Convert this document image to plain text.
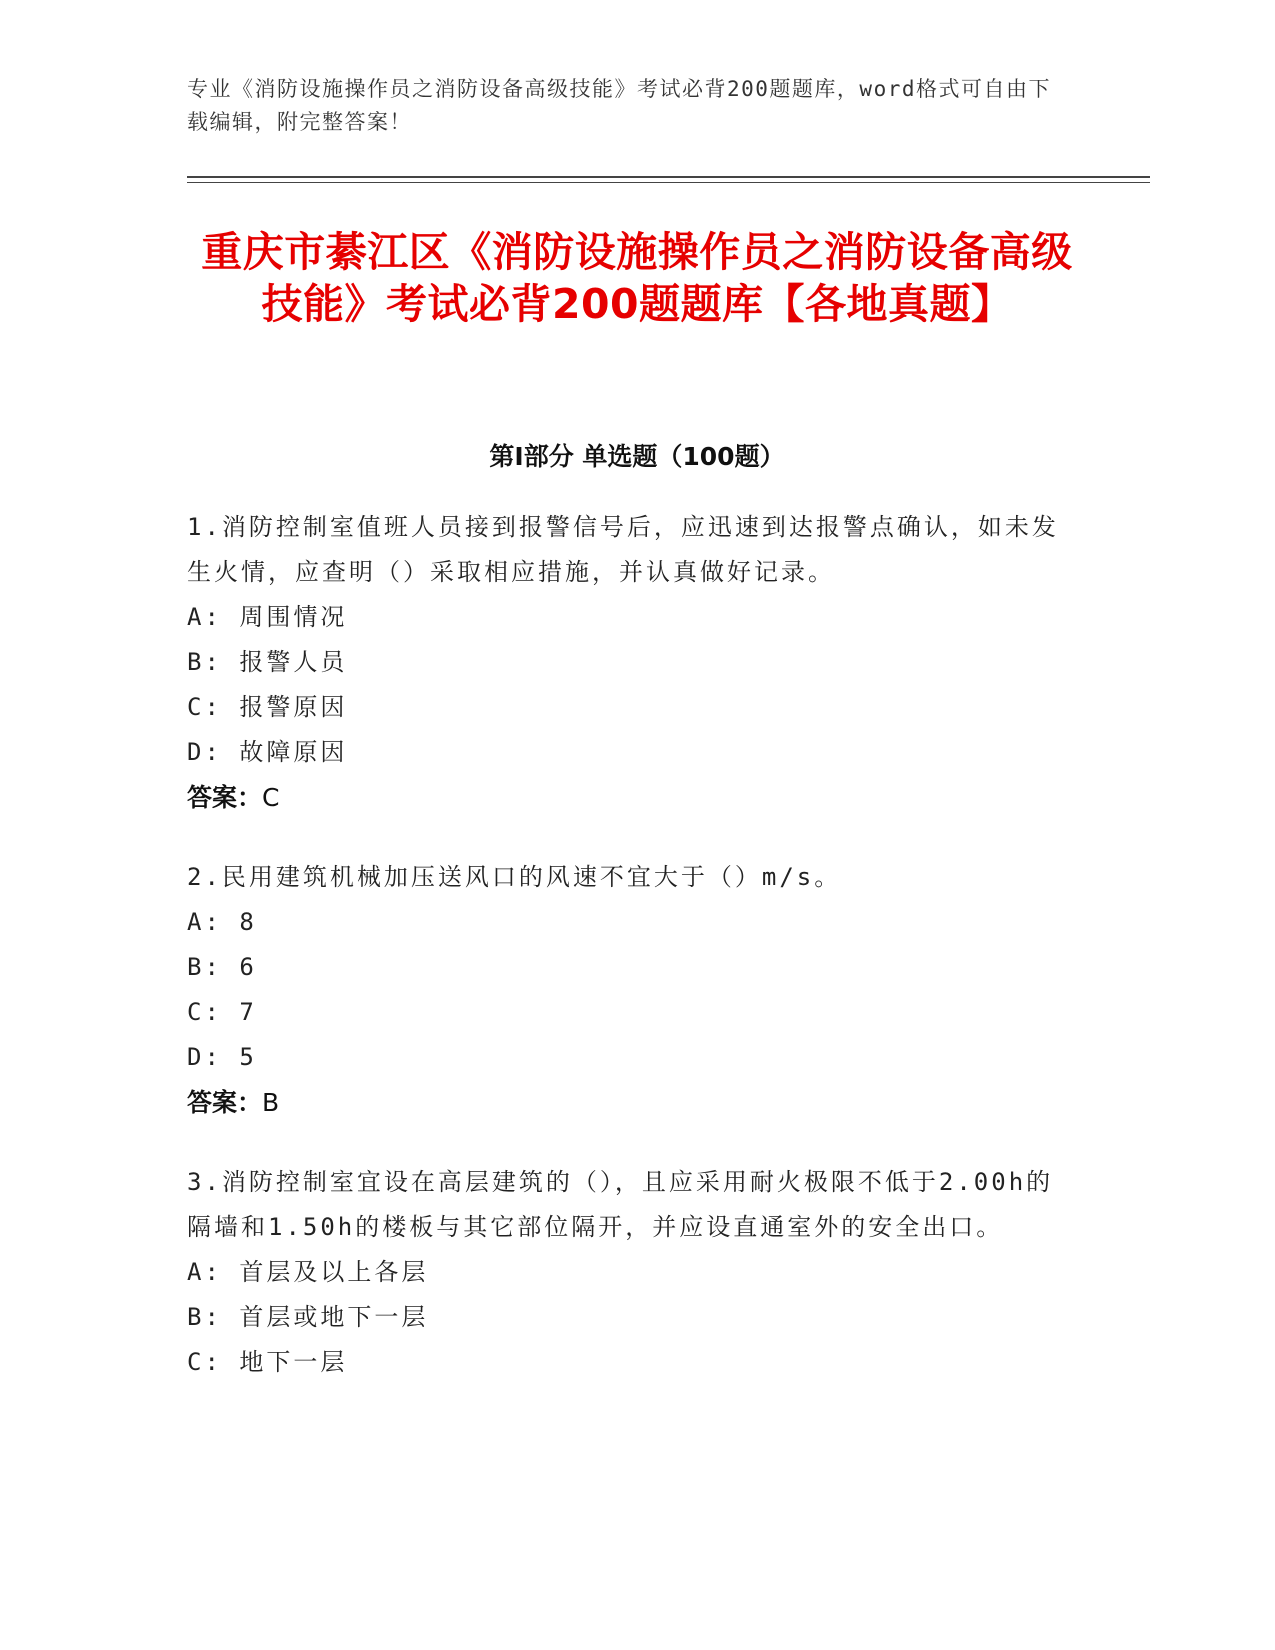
专业《消防设施操作员之消防设备高级技能》考试必背200题题库，word格式可自由下载编辑，附完整答案！
重庆市綦江区《消防设施操作员之消防设备高级技能》考试必背200题题库【各地真题】
第I部分 单选题（100题）

1.消防控制室值班人员接到报警信号后，应迅速到达报警点确认，如未发生火情，应查明（）采取相应措施，并认真做好记录。

A: 周围情况

B: 报警人员

C: 报警原因

D: 故障原因

答案：C

2.民用建筑机械加压送风口的风速不宜大于（）m/s。

A: 8

B: 6

C: 7

D: 5

答案：B

3.消防控制室宜设在高层建筑的（），且应采用耐火极限不低于2.00h的隔墙和1.50h的楼板与其它部位隔开，并应设直通室外的安全出口。

A: 首层及以上各层

B: 首层或地下一层

C: 地下一层
